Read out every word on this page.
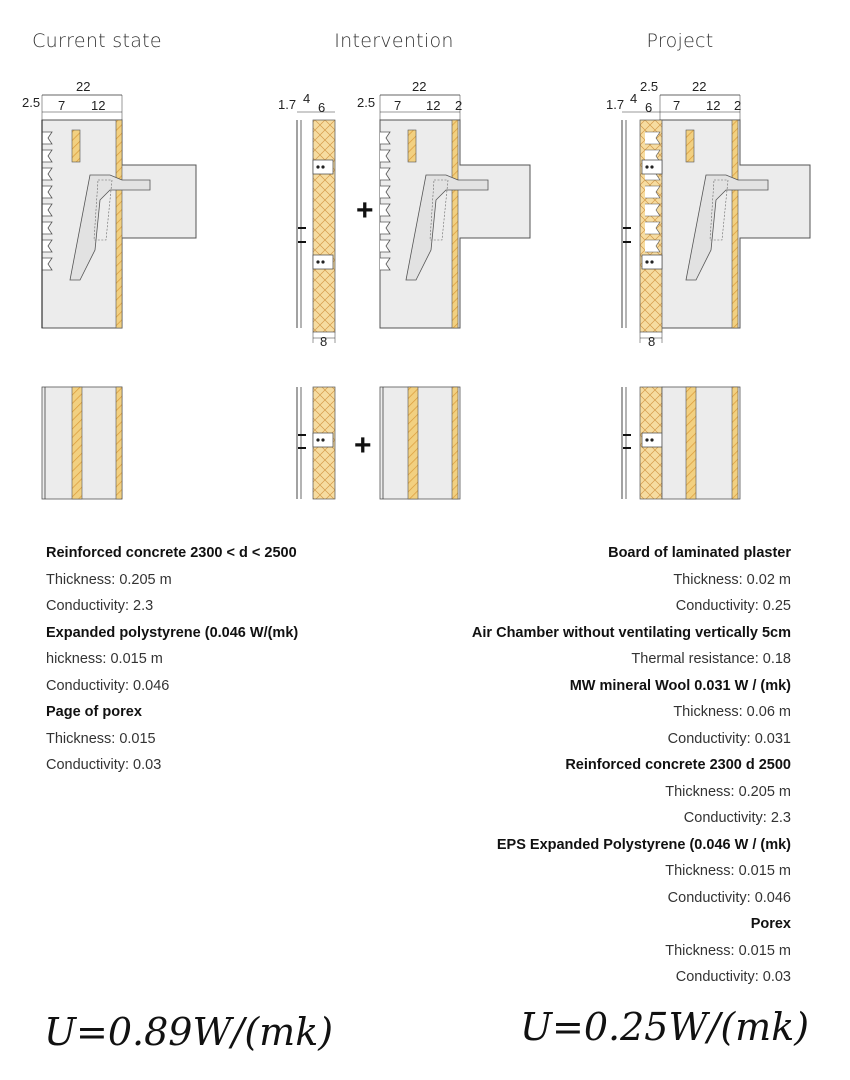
Current state	Intervention	Project
22
2.5 7 12	1.7 4
6
8
+
22
2.5 7 12 2
+
22
2.5
1.7 4
6 7 12 2
8
Reinforced concrete 2300 < d < 2500
Thickness: 0.205 m
Conductivity: 2.3
Expanded polystyrene (0.046 W/(mk)
hickness: 0.015 m
Conductivity: 0.046
Page of porex
Thickness: 0.015
Conductivity: 0.03
Board of laminated plaster
Thickness: 0.02 m
Conductivity: 0.25
Air Chamber without ventilating vertically 5cm
Thermal resistance: 0.18
MW mineral Wool 0.031 W / (mk)
Thickness: 0.06 m
Conductivity: 0.031
Reinforced concrete 2300 d 2500
Thickness: 0.205 m
Conductivity: 2.3
EPS Expanded Polystyrene (0.046 W / (mk)
Thickness: 0.015 m
Conductivity: 0.046
Porex
Thickness: 0.015 m
Conductivity: 0.03
U=0.89W/(mk)	U=0.25W/(mk)
